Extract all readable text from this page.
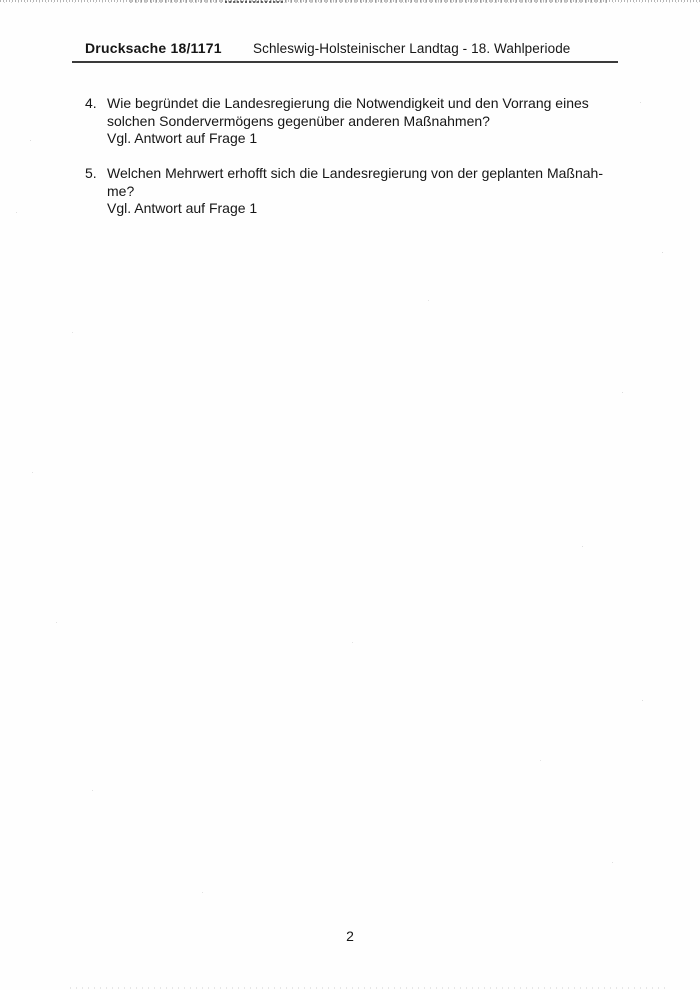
Drucksache 18/1171 Schleswig-Holsteinischer Landtag - 18. Wahlperiode
4. Wie begründet die Landesregierung die Notwendigkeit und den Vorrang eines
solchen Sondervermögens gegenüber anderen Maßnahmen?
Vgl. Antwort auf Frage 1
5. Welchen Mehrwert erhofft sich die Landesregierung von der geplanten Maßnah-
me?
Vgl. Antwort auf Frage 1
2
